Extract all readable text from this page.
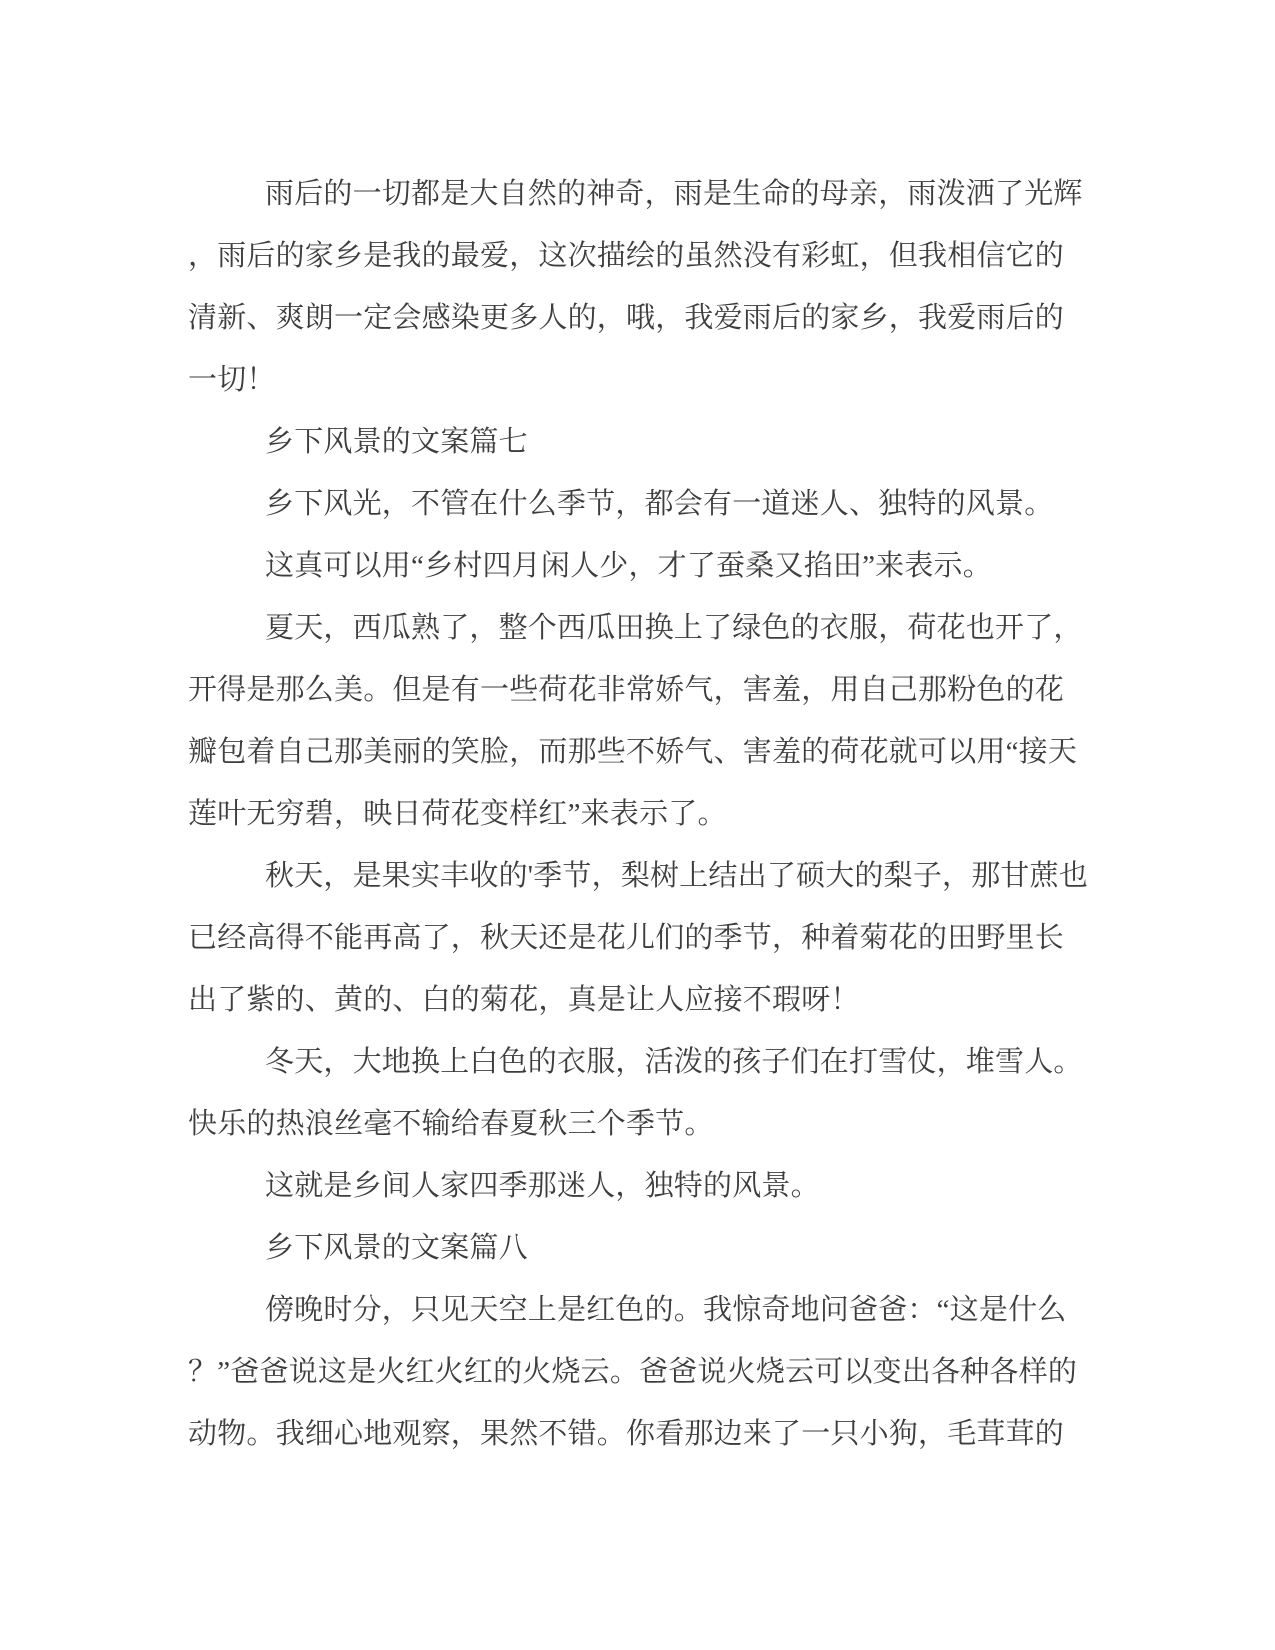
雨后的一切都是大自然的神奇，雨是生命的母亲，雨泼洒了光辉
，雨后的家乡是我的最爱，这次描绘的虽然没有彩虹，但我相信它的
清新、爽朗一定会感染更多人的，哦，我爱雨后的家乡，我爱雨后的
一切！
乡下风景的文案篇七
乡下风光，不管在什么季节，都会有一道迷人、独特的风景。
这真可以用“乡村四月闲人少，才了蚕桑又掐田”来表示。
夏天，西瓜熟了，整个西瓜田换上了绿色的衣服，荷花也开了，
开得是那么美。但是有一些荷花非常娇气，害羞，用自己那粉色的花
瓣包着自己那美丽的笑脸，而那些不娇气、害羞的荷花就可以用“接天
莲叶无穷碧，映日荷花变样红”来表示了。
秋天，是果实丰收的'季节，梨树上结出了硕大的梨子，那甘蔗也
已经高得不能再高了，秋天还是花儿们的季节，种着菊花的田野里长
出了紫的、黄的、白的菊花，真是让人应接不瑕呀！
冬天，大地换上白色的衣服，活泼的孩子们在打雪仗，堆雪人。
快乐的热浪丝毫不输给春夏秋三个季节。
这就是乡间人家四季那迷人，独特的风景。
乡下风景的文案篇八
傍晚时分，只见天空上是红色的。我惊奇地问爸爸：“这是什么
？”爸爸说这是火红火红的火烧云。爸爸说火烧云可以变出各种各样的
动物。我细心地观察，果然不错。你看那边来了一只小狗，毛茸茸的
